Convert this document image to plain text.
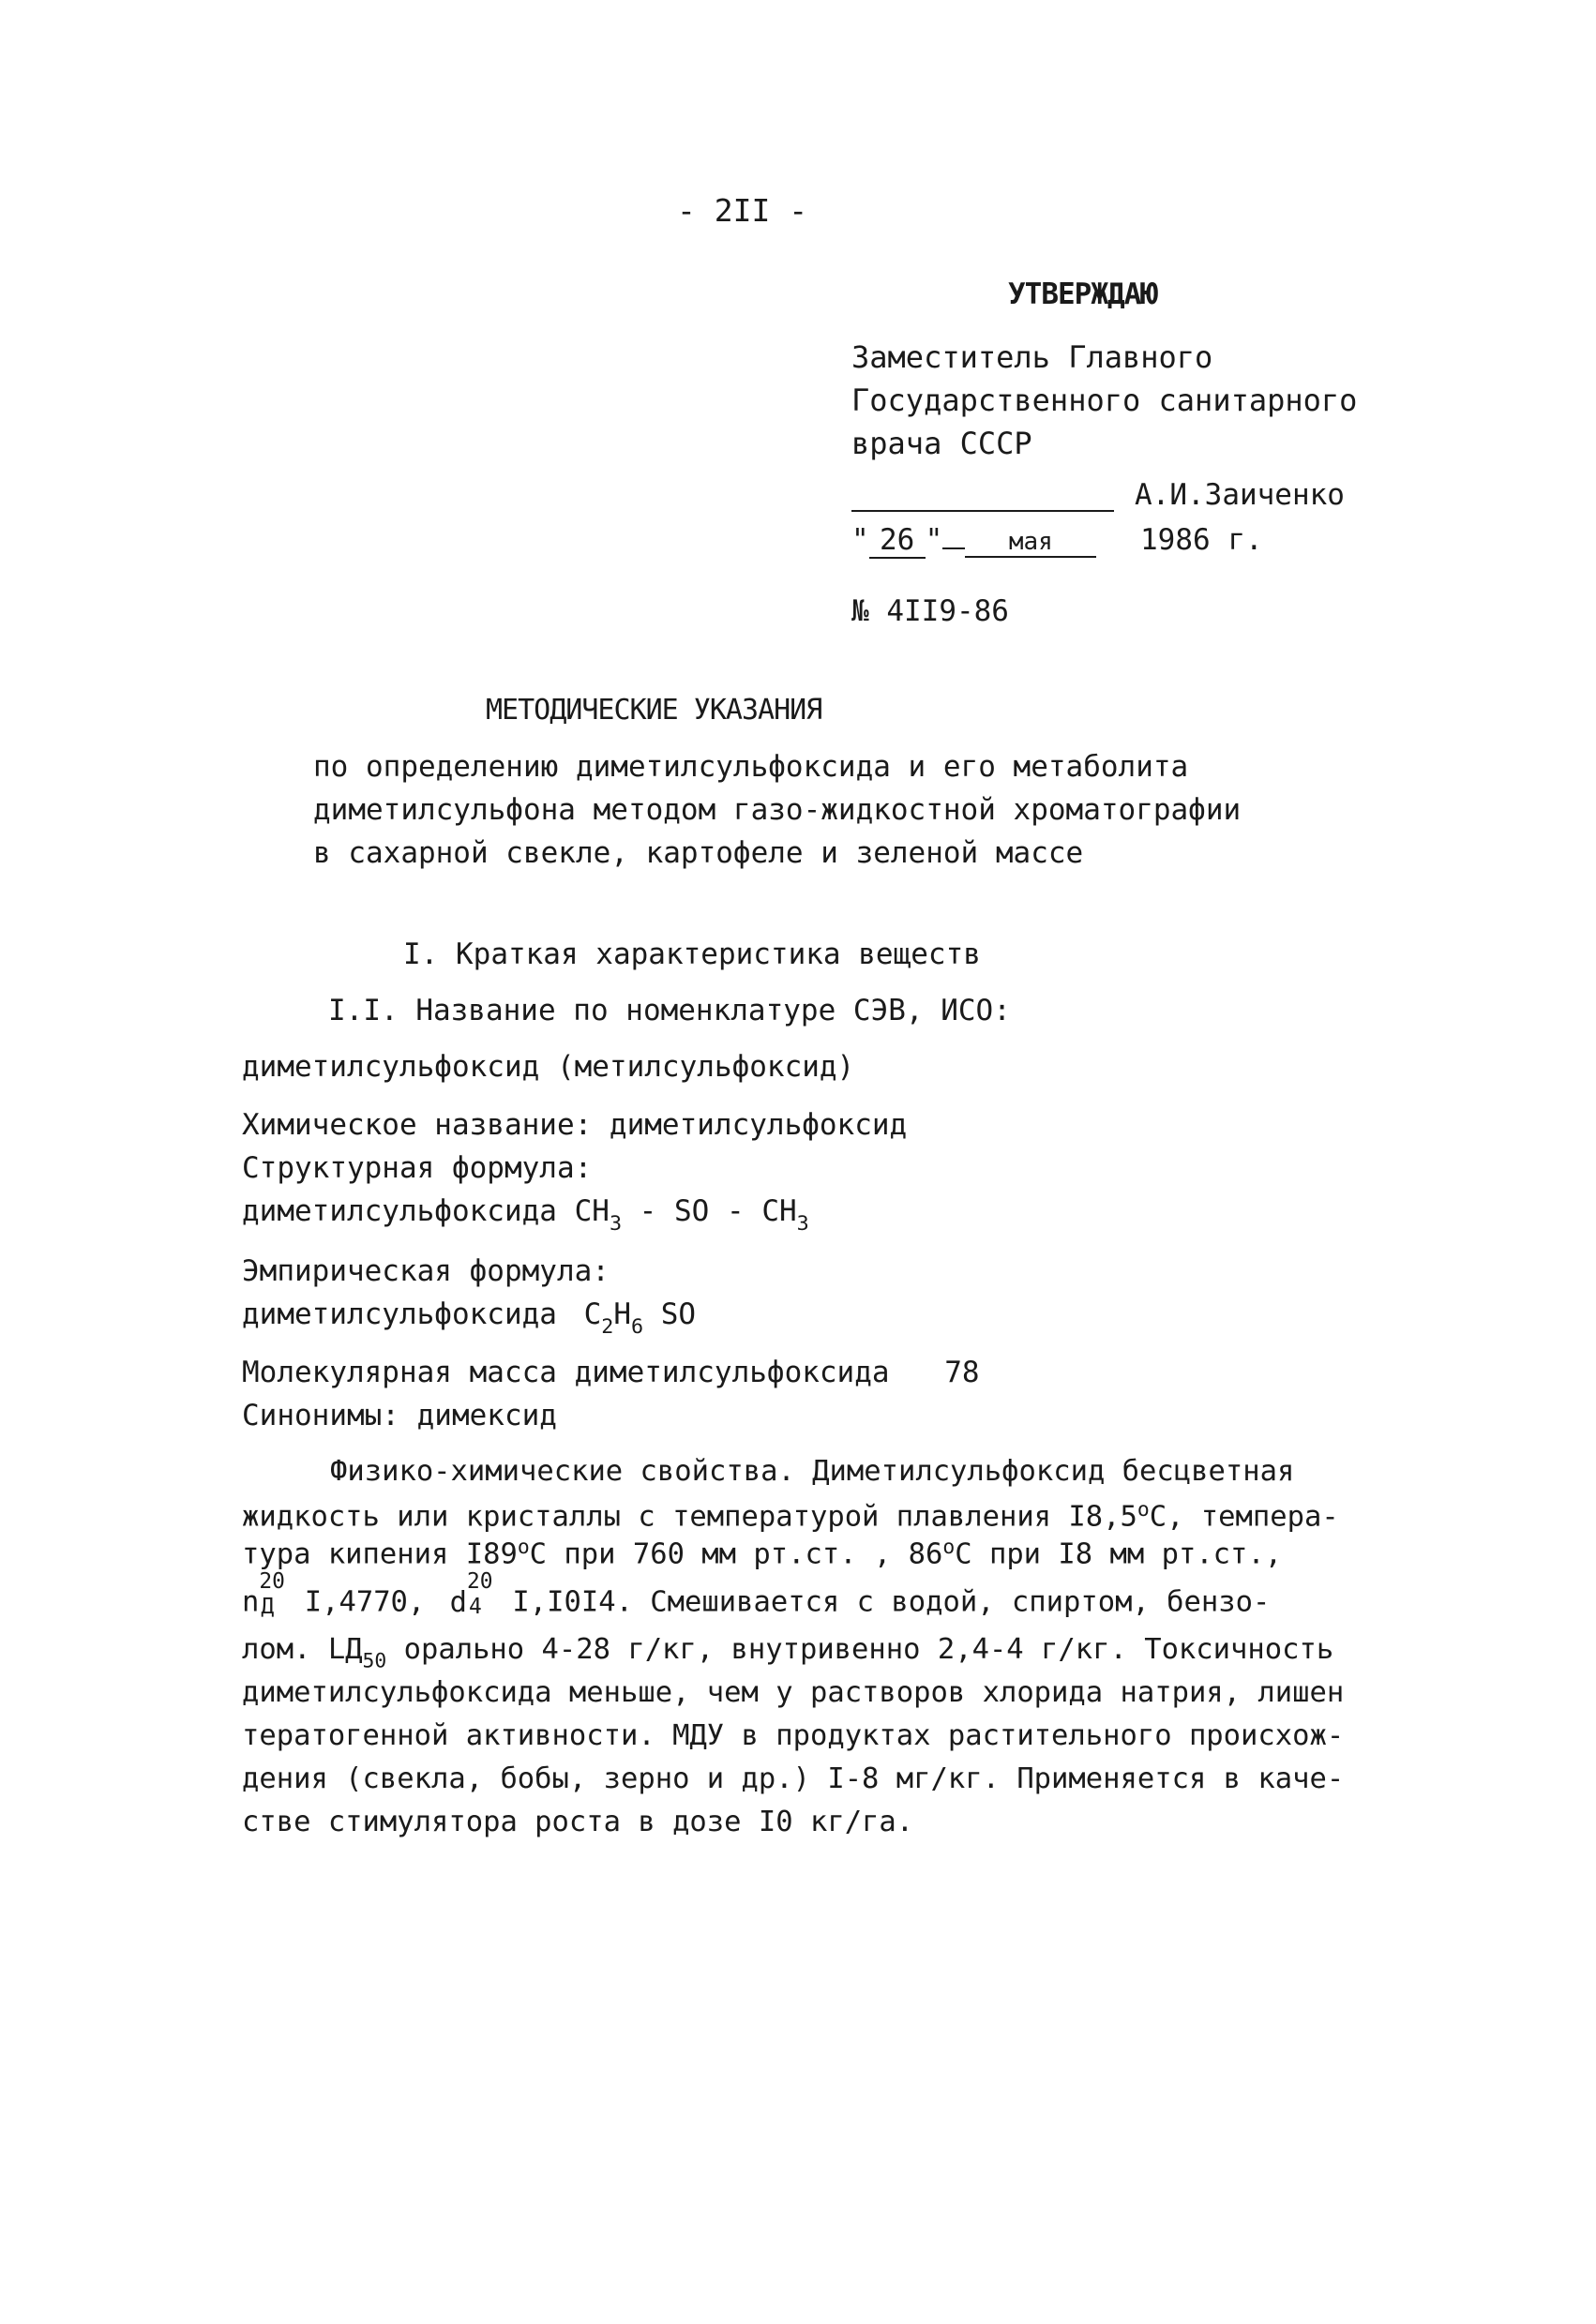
- 2II -
УТВЕРЖДАЮ
Заместитель Главного
Государственного санитарного
врача СССР
А.И.Заиченко
" 26 "	мая	1986 г.
№ 4II9-86
МЕТОДИЧЕСКИЕ УКАЗАНИЯ
по определению диметилсульфоксида и его метаболита
диметилсульфона методом газо-жидкостной хроматографии
в сахарной свекле, картофеле и зеленой массе
I. Краткая характеристика веществ
I.I. Название по номенклатуре СЭВ, ИСО:
диметилсульфоксид (метилсульфоксид)
Химическое название: диметилсульфоксид
Структурная формула:
диметилсульфоксида $CH_3$ - SO - $CH_3$
Эмпирическая формула:
диметилсульфоксида $C_2H_6$ SO
Молекулярная масса диметилсульфоксида 78
Синонимы: димексид
Физико-химические свойства. Диметилсульфоксид бесцветная
жидкость или кристаллы с температурой плавления I8,5$^o$С, темпера-
тура кипения I89$^o$С при 760 мм рт.ст. , 86$^o$С при I8 мм рт.ст.,
n
20
Д I,4770, d
20
4 I,I0I4. Смешивается с водой, спиртом, бензо-
лом. $LД_{50}$ орально 4-28 г/кг, внутривенно 2,4-4 г/кг. Токсичность
диметилсульфоксида меньше, чем у растворов хлорида натрия, лишен
тератогенной активности. МДУ в продуктах растительного происхож-
дения (свекла, бобы, зерно и др.) I-8 мг/кг. Применяется в каче-
стве стимулятора роста в дозе I0 кг/га.
